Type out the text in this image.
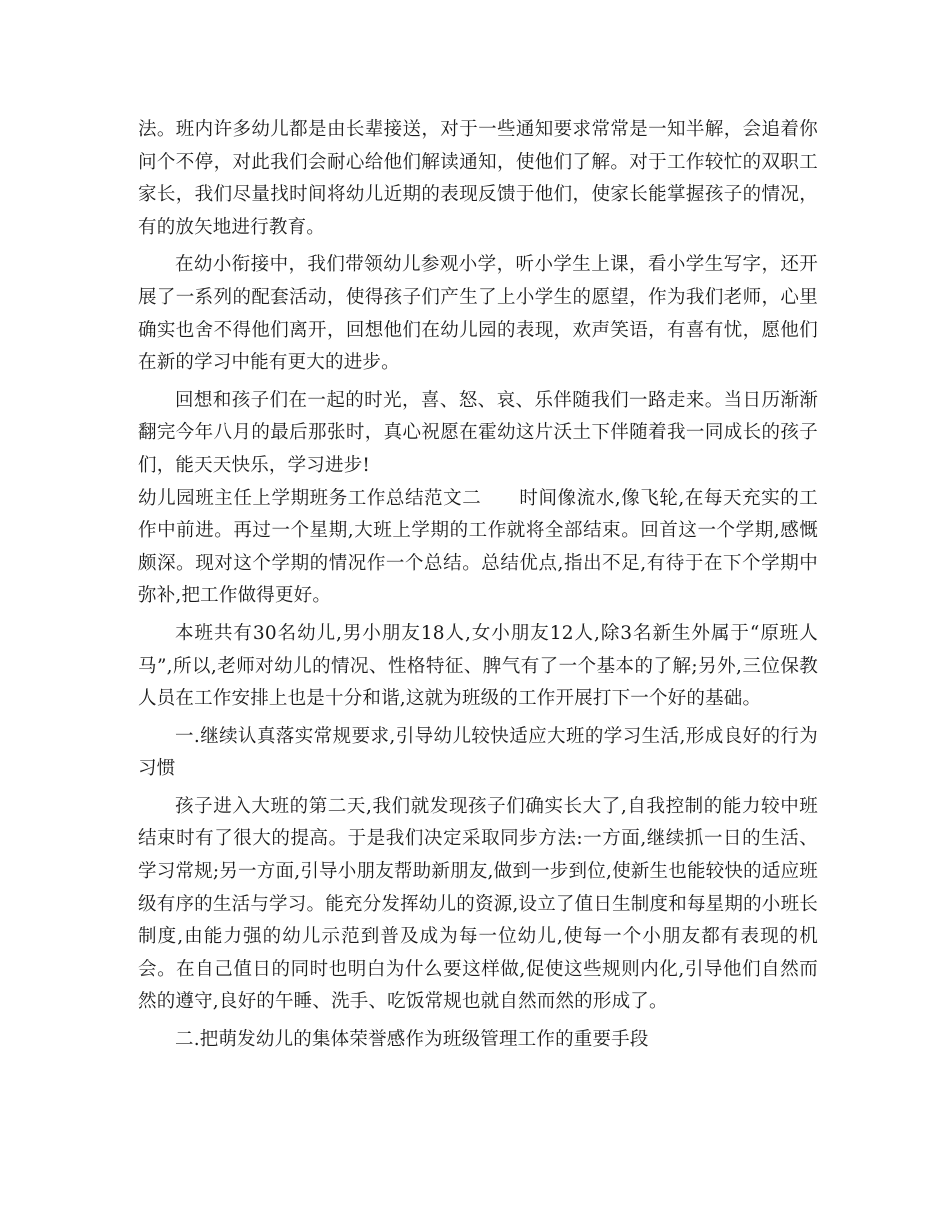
法。班内许多幼儿都是由长辈接送，对于一些通知要求常常是一知半解，会追着你问个不停，对此我们会耐心给他们解读通知，使他们了解。对于工作较忙的双职工家长，我们尽量找时间将幼儿近期的表现反馈于他们，使家长能掌握孩子的情况，有的放矢地进行教育。

在幼小衔接中，我们带领幼儿参观小学，听小学生上课，看小学生写字，还开展了一系列的配套活动，使得孩子们产生了上小学生的愿望，作为我们老师，心里确实也舍不得他们离开，回想他们在幼儿园的表现，欢声笑语，有喜有忧，愿他们在新的学习中能有更大的进步。

回想和孩子们在一起的时光，喜、怒、哀、乐伴随我们一路走来。当日历渐渐翻完今年八月的最后那张时，真心祝愿在霍幼这片沃土下伴随着我一同成长的孩子们，能天天快乐，学习进步!

幼儿园班主任上学期班务工作总结范文二　　时间像流水,像飞轮,在每天充实的工作中前进。再过一个星期,大班上学期的工作就将全部结束。回首这一个学期,感慨颇深。现对这个学期的情况作一个总结。总结优点,指出不足,有待于在下个学期中弥补,把工作做得更好。

本班共有30名幼儿,男小朋友18人,女小朋友12人,除3名新生外属于“原班人马”,所以,老师对幼儿的情况、性格特征、脾气有了一个基本的了解;另外,三位保教人员在工作安排上也是十分和谐,这就为班级的工作开展打下一个好的基础。

一.继续认真落实常规要求,引导幼儿较快适应大班的学习生活,形成良好的行为习惯

孩子进入大班的第二天,我们就发现孩子们确实长大了,自我控制的能力较中班结束时有了很大的提高。于是我们决定采取同步方法:一方面,继续抓一日的生活、学习常规;另一方面,引导小朋友帮助新朋友,做到一步到位,使新生也能较快的适应班级有序的生活与学习。能充分发挥幼儿的资源,设立了值日生制度和每星期的小班长制度,由能力强的幼儿示范到普及成为每一位幼儿,使每一个小朋友都有表现的机会。在自己值日的同时也明白为什么要这样做,促使这些规则内化,引导他们自然而然的遵守,良好的午睡、洗手、吃饭常规也就自然而然的形成了。

二.把萌发幼儿的集体荣誉感作为班级管理工作的重要手段
